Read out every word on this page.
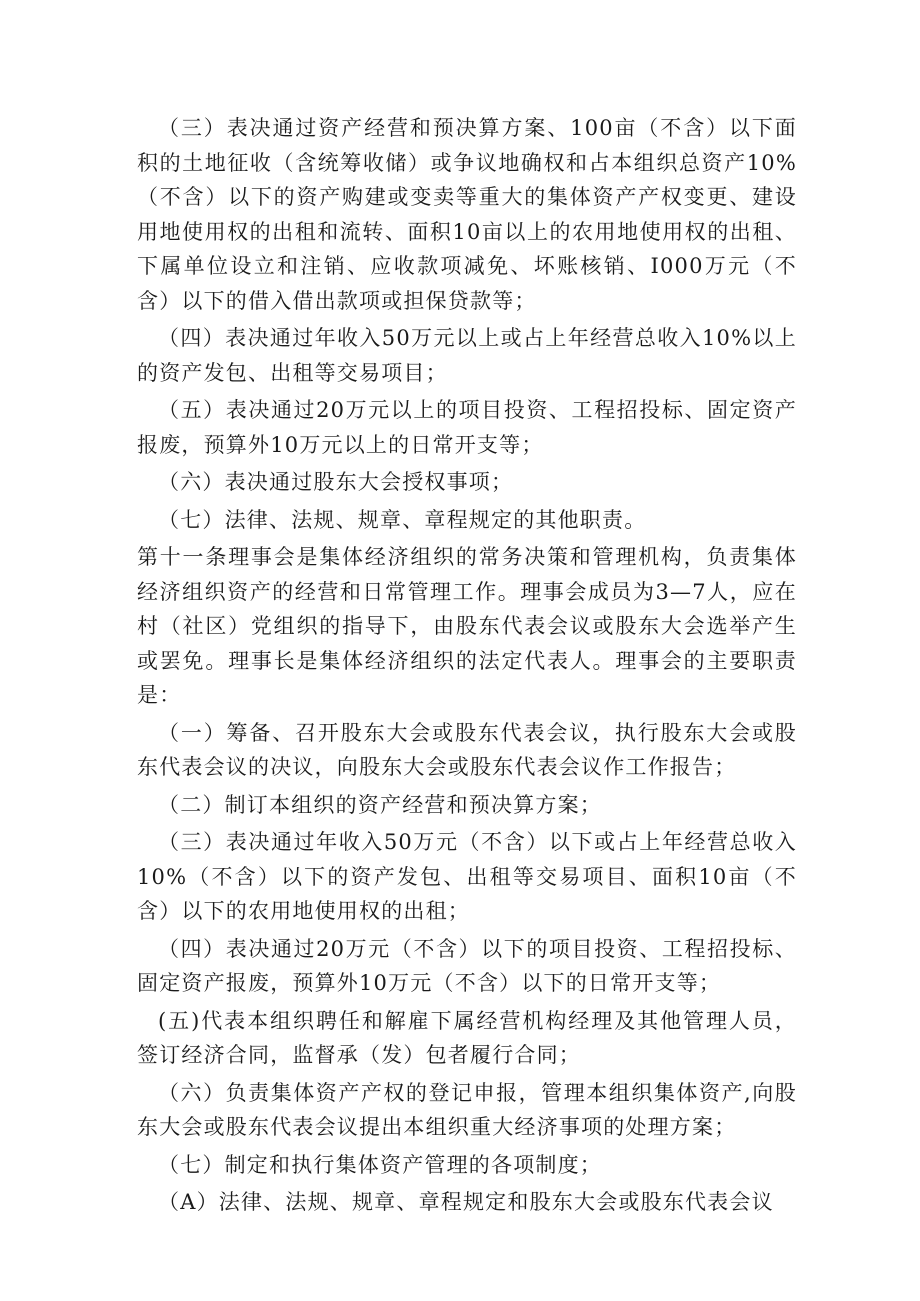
（三）表决通过资产经营和预决算方案、100亩（不含）以下面积的土地征收（含统筹收储）或争议地确权和占本组织总资产10%（不含）以下的资产购建或变卖等重大的集体资产产权变更、建设用地使用权的出租和流转、面积10亩以上的农用地使用权的出租、下属单位设立和注销、应收款项减免、坏账核销、I000万元（不含）以下的借入借出款项或担保贷款等；

（四）表决通过年收入50万元以上或占上年经营总收入10%以上的资产发包、出租等交易项目；

（五）表决通过20万元以上的项目投资、工程招投标、固定资产报废，预算外10万元以上的日常开支等；

（六）表决通过股东大会授权事项；

（七）法律、法规、规章、章程规定的其他职责。

第十一条理事会是集体经济组织的常务决策和管理机构，负责集体经济组织资产的经营和日常管理工作。理事会成员为3—7人，应在村（社区）党组织的指导下，由股东代表会议或股东大会选举产生或罢免。理事长是集体经济组织的法定代表人。理事会的主要职责是：

（一）筹备、召开股东大会或股东代表会议，执行股东大会或股东代表会议的决议，向股东大会或股东代表会议作工作报告；

（二）制订本组织的资产经营和预决算方案；

（三）表决通过年收入50万元（不含）以下或占上年经营总收入10%（不含）以下的资产发包、出租等交易项目、面积10亩（不含）以下的农用地使用权的出租；

（四）表决通过20万元（不含）以下的项目投资、工程招投标、固定资产报废，预算外10万元（不含）以下的日常开支等；

(五)代表本组织聘任和解雇下属经营机构经理及其他管理人员，签订经济合同，监督承（发）包者履行合同；

（六）负责集体资产产权的登记申报，管理本组织集体资产,向股东大会或股东代表会议提出本组织重大经济事项的处理方案；

（七）制定和执行集体资产管理的各项制度；

（A）法律、法规、规章、章程规定和股东大会或股东代表会议
